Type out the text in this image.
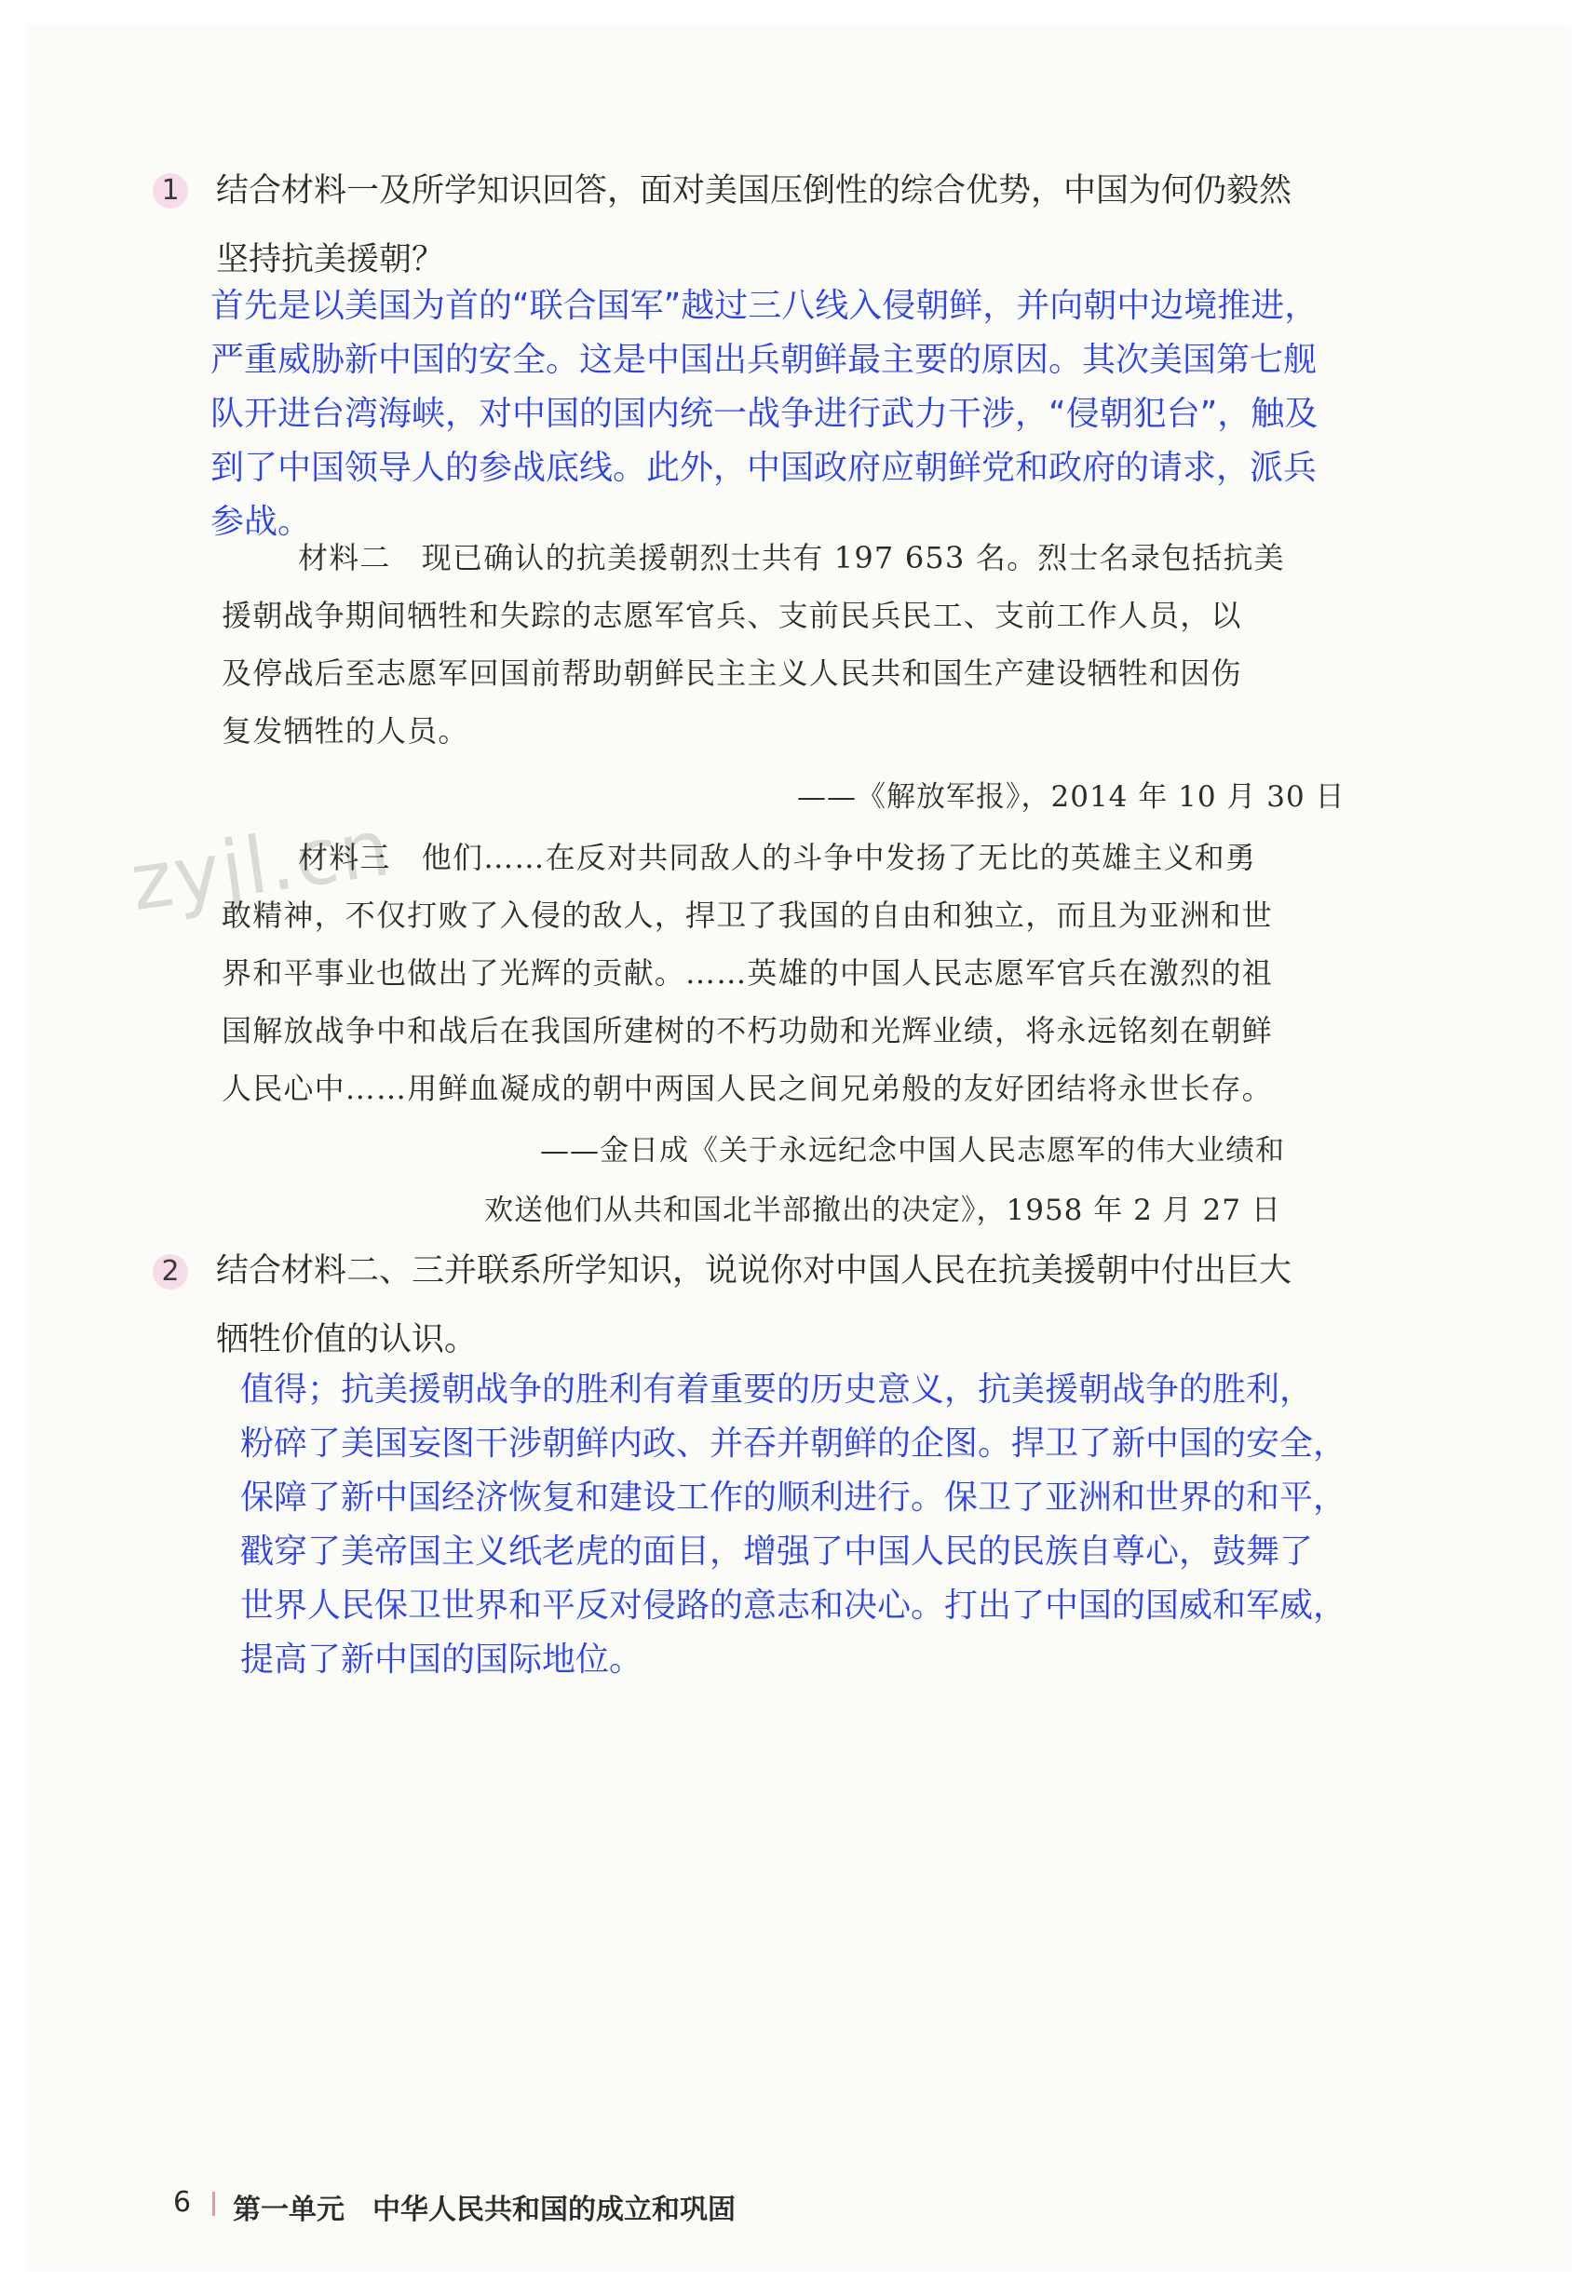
1 结合材料一及所学知识回答，面对美国压倒性的综合优势，中国为何仍毅然
坚持抗美援朝？
首先是以美国为首的“联合国军”越过三八线入侵朝鲜，并向朝中边境推进，
严重威胁新中国的安全。这是中国出兵朝鲜最主要的原因。其次美国第七舰
队开进台湾海峡，对中国的国内统一战争进行武力干涉，“侵朝犯台”，触及
到了中国领导人的参战底线。此外，中国政府应朝鲜党和政府的请求，派兵
参战。
材料二　现已确认的抗美援朝烈士共有 197 653 名。烈士名录包括抗美
援朝战争期间牺牲和失踪的志愿军官兵、支前民兵民工、支前工作人员，以
及停战后至志愿军回国前帮助朝鲜民主主义人民共和国生产建设牺牲和因伤
复发牺牲的人员。
——《解放军报》，2014 年 10 月 30 日
zyjl.cn
材料三　他们……在反对共同敌人的斗争中发扬了无比的英雄主义和勇
敢精神，不仅打败了入侵的敌人，捍卫了我国的自由和独立，而且为亚洲和世
界和平事业也做出了光辉的贡献。……英雄的中国人民志愿军官兵在激烈的祖
国解放战争中和战后在我国所建树的不朽功勋和光辉业绩，将永远铭刻在朝鲜
人民心中……用鲜血凝成的朝中两国人民之间兄弟般的友好团结将永世长存。
——金日成《关于永远纪念中国人民志愿军的伟大业绩和
欢送他们从共和国北半部撤出的决定》，1958 年 2 月 27 日
2 结合材料二、三并联系所学知识，说说你对中国人民在抗美援朝中付出巨大
牺牲价值的认识。
值得；抗美援朝战争的胜利有着重要的历史意义，抗美援朝战争的胜利，
粉碎了美国妄图干涉朝鲜内政、并吞并朝鲜的企图。捍卫了新中国的安全，
保障了新中国经济恢复和建设工作的顺利进行。保卫了亚洲和世界的和平，
戳穿了美帝国主义纸老虎的面目，增强了中国人民的民族自尊心，鼓舞了
世界人民保卫世界和平反对侵路的意志和决心。打出了中国的国威和军威，
提高了新中国的国际地位。
6 第一单元　中华人民共和国的成立和巩固
